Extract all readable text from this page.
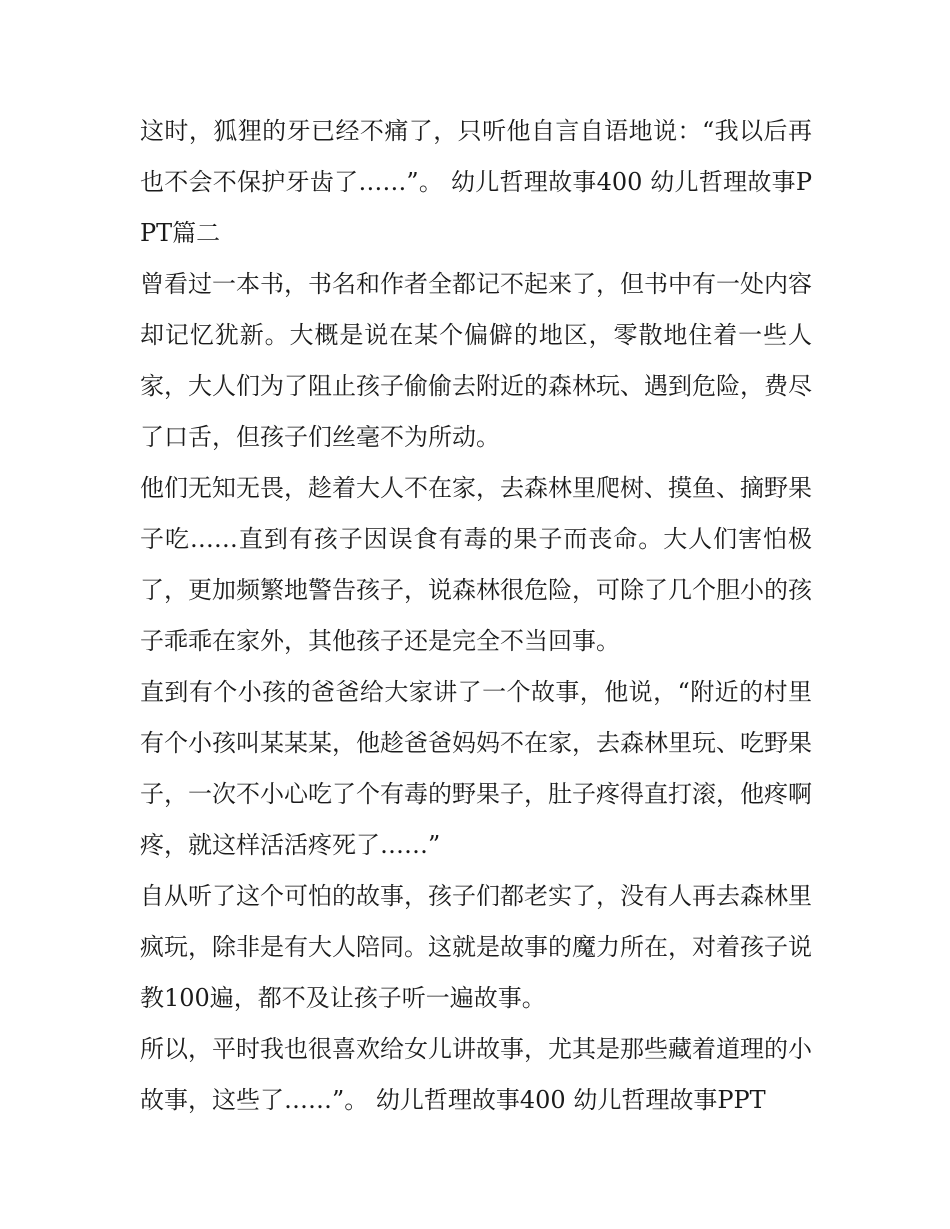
这时，狐狸的牙已经不痛了，只听他自言自语地说：“我以后再也不会不保护牙齿了……”。 幼儿哲理故事400 幼儿哲理故事PPT篇二

曾看过一本书，书名和作者全都记不起来了，但书中有一处内容却记忆犹新。大概是说在某个偏僻的地区，零散地住着一些人家，大人们为了阻止孩子偷偷去附近的森林玩、遇到危险，费尽了口舌，但孩子们丝毫不为所动。

他们无知无畏，趁着大人不在家，去森林里爬树、摸鱼、摘野果子吃……直到有孩子因误食有毒的果子而丧命。大人们害怕极了，更加频繁地警告孩子，说森林很危险，可除了几个胆小的孩子乖乖在家外，其他孩子还是完全不当回事。

直到有个小孩的爸爸给大家讲了一个故事，他说，“附近的村里有个小孩叫某某某，他趁爸爸妈妈不在家，去森林里玩、吃野果子，一次不小心吃了个有毒的野果子，肚子疼得直打滚，他疼啊疼，就这样活活疼死了……”

自从听了这个可怕的故事，孩子们都老实了，没有人再去森林里疯玩，除非是有大人陪同。这就是故事的魔力所在，对着孩子说教100遍，都不及让孩子听一遍故事。

所以，平时我也很喜欢给女儿讲故事，尤其是那些藏着道理的小故事，这些了……”。 幼儿哲理故事400 幼儿哲理故事PPT
